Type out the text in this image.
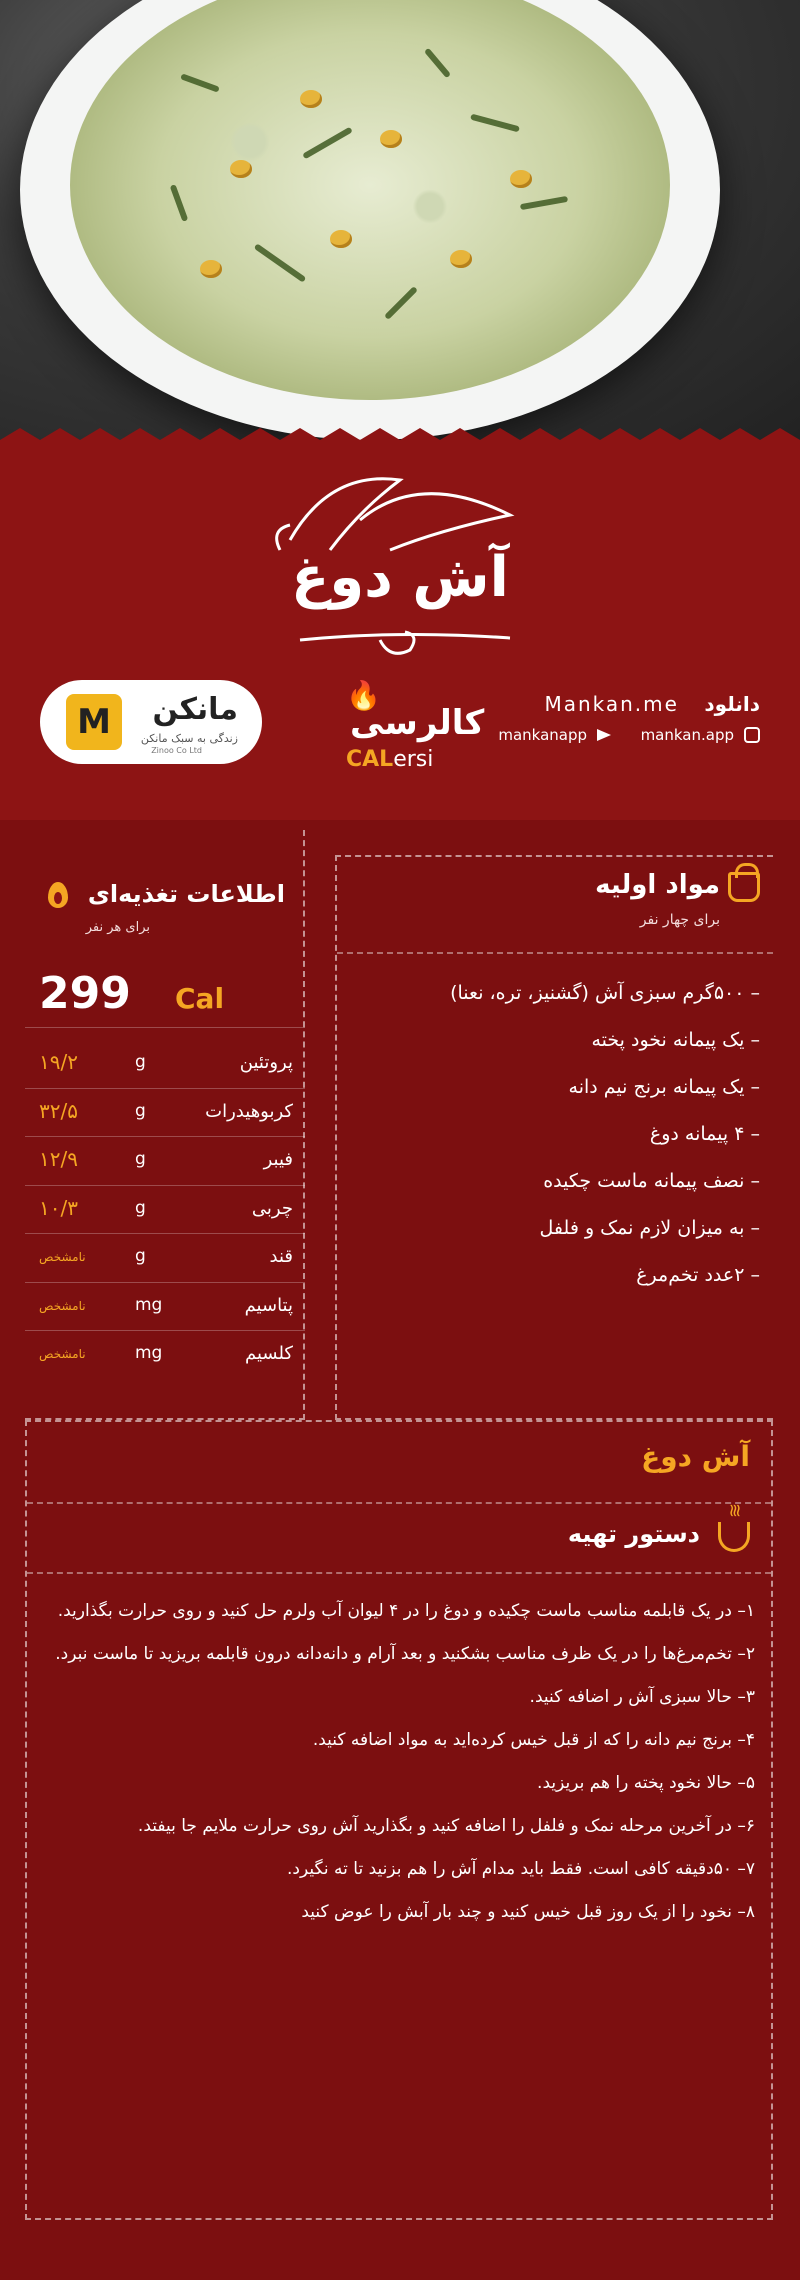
آش دوغ
M
مانکن
زندگی به سبک مانکن
Zinoo Co Ltd
🔥
کالرسی
CALersi
دانلود    Mankan.me
mankanapp
	mankan.app
مواد اولیه
برای چهار نفر
– ۵۰۰گرم سبزی آش (گشنیز، تره، نعنا)
– یک پیمانه نخود پخته
– یک پیمانه برنج نیم دانه
– ۴ پیمانه دوغ
– نصف پیمانه ماست چکیده
– به میزان لازم نمک و فلفل
– ۲عدد تخم‌مرغ
اطلاعات تغذیه‌ای
برای هر نفر
299 Cal
۱۹/۲	g	پروتئین
۳۲/۵	g	کربوهیدرات
۱۲/۹	g	فیبر
۱۰/۳	g	چربی
نامشخص	g	قند
نامشخص	mg	پتاسیم
نامشخص	mg	کلسیم
آش دوغ
≋
دستور تهیه
۱– در یک قابلمه مناسب ماست چکیده و دوغ را در ۴ لیوان آب ولرم حل کنید و روی حرارت بگذارید.
۲– تخم‌مرغ‌ها را در یک ظرف مناسب بشکنید و بعد آرام و دانه‌دانه درون قابلمه بریزید تا ماست نبرد.
۳– حالا سبزی آش ر اضافه کنید.
۴– برنج نیم دانه را که از قبل خیس کرده‌اید به مواد اضافه کنید.
۵– حالا نخود پخته را هم بریزید.
۶– در آخرین مرحله نمک و فلفل را اضافه کنید و بگذارید آش روی حرارت ملایم جا بیفتد.
۷– ۵۰دقیقه کافی است. فقط باید مدام آش را هم بزنید تا ته نگیرد.
۸– نخود را از یک روز قبل خیس کنید و چند بار آبش را عوض کنید
